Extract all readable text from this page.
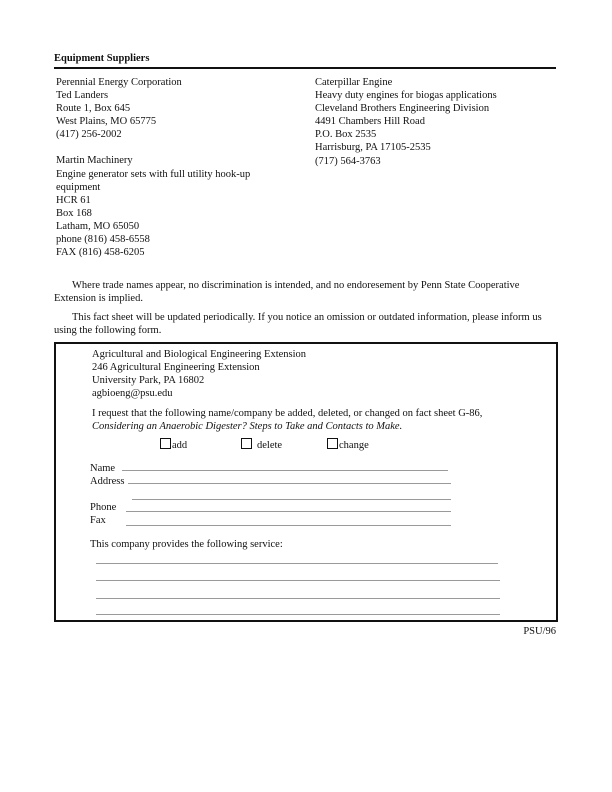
Equipment Suppliers
Perennial Energy Corporation
Ted Landers
Route 1, Box 645
West Plains, MO 65775
(417) 256-2002
Martin Machinery
Engine generator sets with full utility hook-up equipment
HCR 61
Box 168
Latham, MO 65050
phone (816) 458-6558
FAX (816) 458-6205
Caterpillar Engine
Heavy duty engines for biogas applications
Cleveland Brothers Engineering Division
4491 Chambers Hill Road
P.O. Box 2535
Harrisburg, PA 17105-2535
(717) 564-3763

Where trade names appear, no discrimination is intended, and no endoresement by Penn State Cooperative Extension is implied.

This fact sheet will be updated periodically. If you notice an omission or outdated information, please inform us using the following form.

Agricultural and Biological Engineering Extension
246 Agricultural Engineering Extension
University Park, PA 16802
agbioeng@psu.edu
I request that the following name/company be added, deleted, or changed on fact sheet G-86,
Considering an Anaerobic Digester? Steps to Take and Contacts to Make.
add	delete	change
Name
Address
Phone
Fax
This company provides the following service:
PSU/96
